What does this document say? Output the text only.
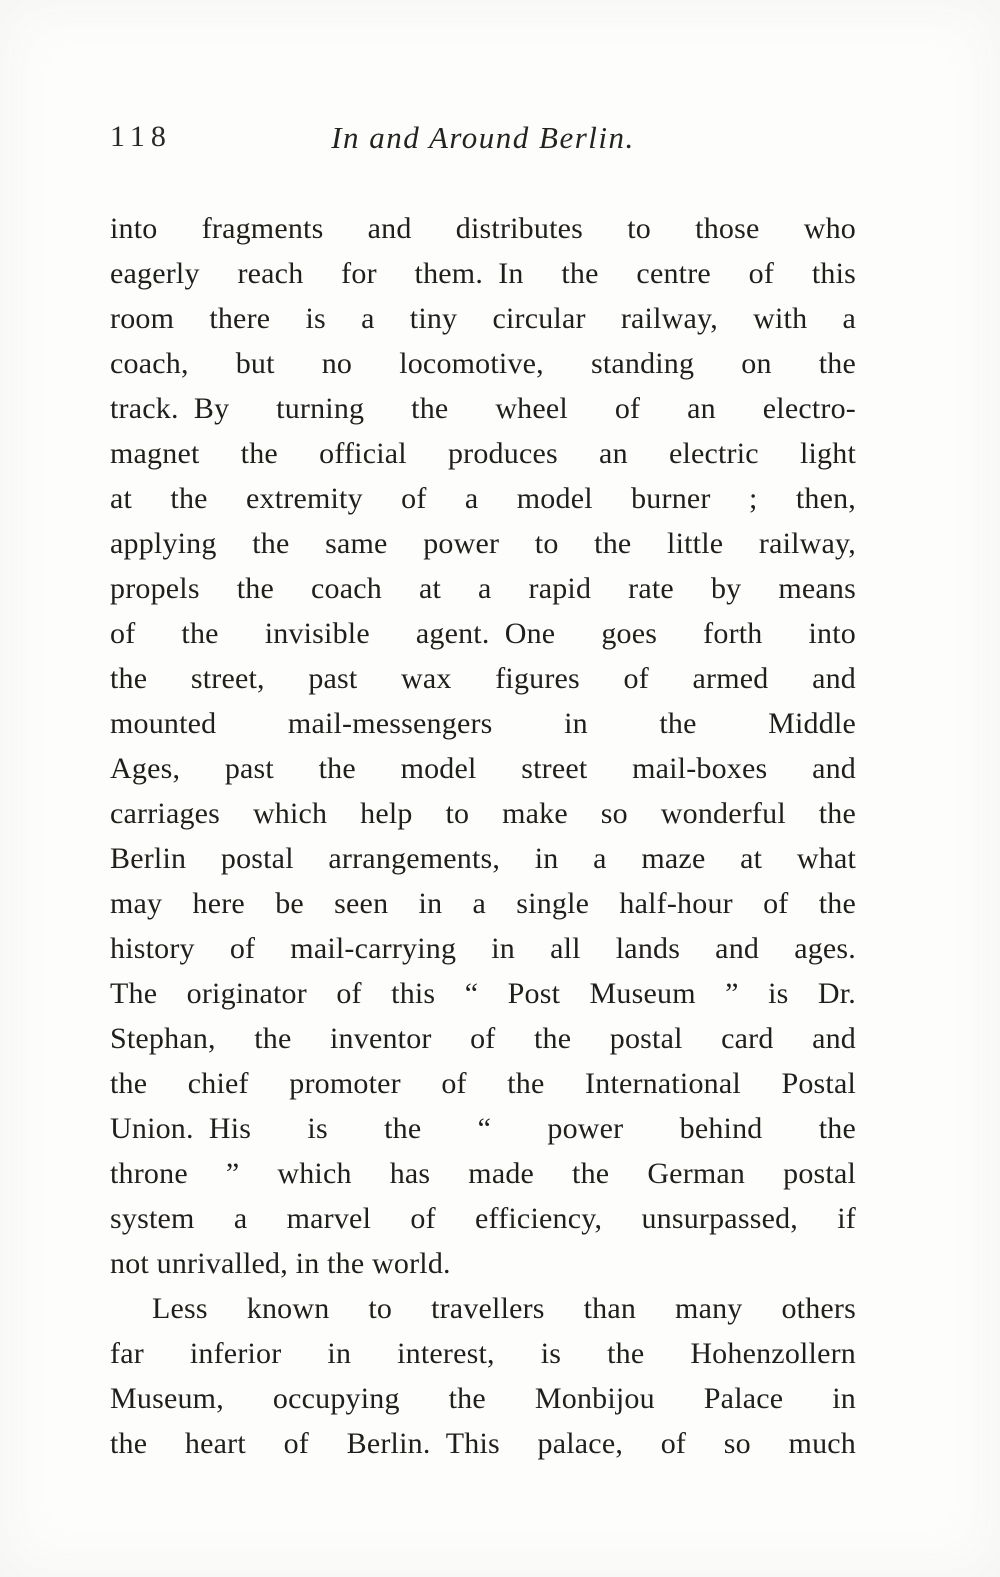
118	In and Around Berlin.
into fragments and distributes to those who
eagerly reach for them. In the centre of this
room there is a tiny circular railway, with a
coach, but no locomotive, standing on the
track. By turning the wheel of an electro-
magnet the official produces an electric light
at the extremity of a model burner ; then,
applying the same power to the little railway,
propels the coach at a rapid rate by means
of the invisible agent. One goes forth into
the street, past wax figures of armed and
mounted mail-messengers in the Middle
Ages, past the model street mail-boxes and
carriages which help to make so wonderful the
Berlin postal arrangements, in a maze at what
may here be seen in a single half-hour of the
history of mail-carrying in all lands and ages.
The originator of this “ Post Museum ” is Dr.
Stephan, the inventor of the postal card and
the chief promoter of the International Postal
Union. His is the “ power behind the
throne ” which has made the German postal
system a marvel of efficiency, unsurpassed, if
not unrivalled, in the world.
Less known to travellers than many others
far inferior in interest, is the Hohenzollern
Museum, occupying the Monbijou Palace in
the heart of Berlin. This palace, of so much
